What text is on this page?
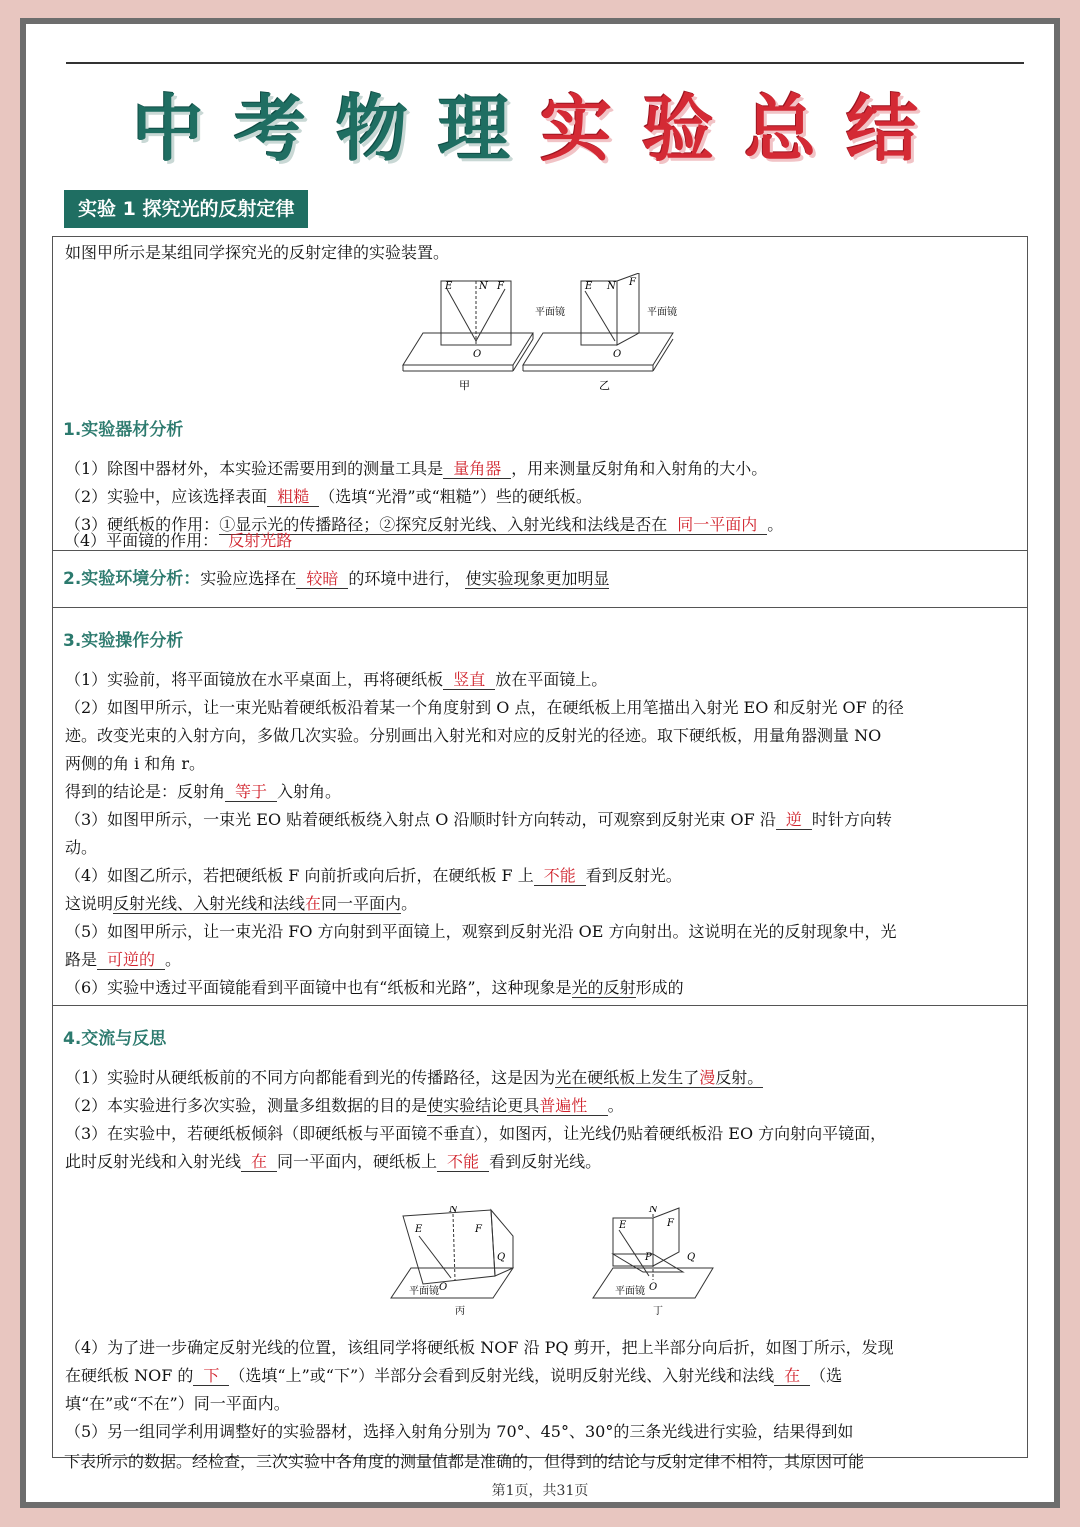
中考物理实验总结
实验 1 探究光的反射定律
如图甲所示是某组同学探究光的反射定律的实验装置。
E	N F
O
平面镜
E N F
O
平面镜
甲	乙
1.实验器材分析
（1）除图中器材外，本实验还需要用到的测量工具是 量角器 ，用来测量反射角和入射角的大小。
（2）实验中，应该选择表面 粗糙 （选填“光滑”或“粗糙”）些的硬纸板。
（3）硬纸板的作用：①显示光的传播路径；②探究反射光线、入射光线和法线是否在 同一平面内 。
（4）平面镜的作用： 反射光路
2.实验环境分析：实验应选择在 较暗 的环境中进行， 使实验现象更加明显
3.实验操作分析
（1）实验前，将平面镜放在水平桌面上，再将硬纸板 竖直 放在平面镜上。
（2）如图甲所示，让一束光贴着硬纸板沿着某一个角度射到 O 点，在硬纸板上用笔描出入射光 EO 和反射光 OF 的径
迹。改变光束的入射方向，多做几次实验。分别画出入射光和对应的反射光的径迹。取下硬纸板，用量角器测量 NO
两侧的角 i 和角 r。
得到的结论是：反射角 等于 入射角。
（3）如图甲所示，一束光 EO 贴着硬纸板绕入射点 O 沿顺时针方向转动，可观察到反射光束 OF 沿 逆 时针方向转
动。
（4）如图乙所示，若把硬纸板 F 向前折或向后折，在硬纸板 F 上 不能 看到反射光。
这说明反射光线、入射光线和法线在同一平面内。
（5）如图甲所示，让一束光沿 FO 方向射到平面镜上，观察到反射光沿 OE 方向射出。这说明在光的反射现象中，光
路是 可逆的 。
（6）实验中透过平面镜能看到平面镜中也有“纸板和光路”，这种现象是光的反射形成的
4.交流与反思
（1）实验时从硬纸板前的不同方向都能看到光的传播路径，这是因为光在硬纸板上发生了漫反射。
（2）本实验进行多次实验，测量多组数据的目的是使实验结论更具普遍性 。
（3）在实验中，若硬纸板倾斜（即硬纸板与平面镜不垂直），如图丙，让光线仍贴着硬纸板沿 EO 方向射向平镜面，
此时反射光线和入射光线 在 同一平面内，硬纸板上 不能 看到反射光线。
N
E	F
Q
O
平面镜
N
E	F
P	Q
O
平面镜
丙	丁
（4）为了进一步确定反射光线的位置，该组同学将硬纸板 NOF 沿 PQ 剪开，把上半部分向后折，如图丁所示，发现
在硬纸板 NOF 的 下 （选填“上”或“下”）半部分会看到反射光线，说明反射光线、入射光线和法线 在 （选
填“在”或“不在”）同一平面内。
（5）另一组同学利用调整好的实验器材，选择入射角分别为 70°、45°、30°的三条光线进行实验，结果得到如
下表所示的数据。经检查，三次实验中各角度的测量值都是准确的，但得到的结论与反射定律不相符，其原因可能
第1页，共31页
